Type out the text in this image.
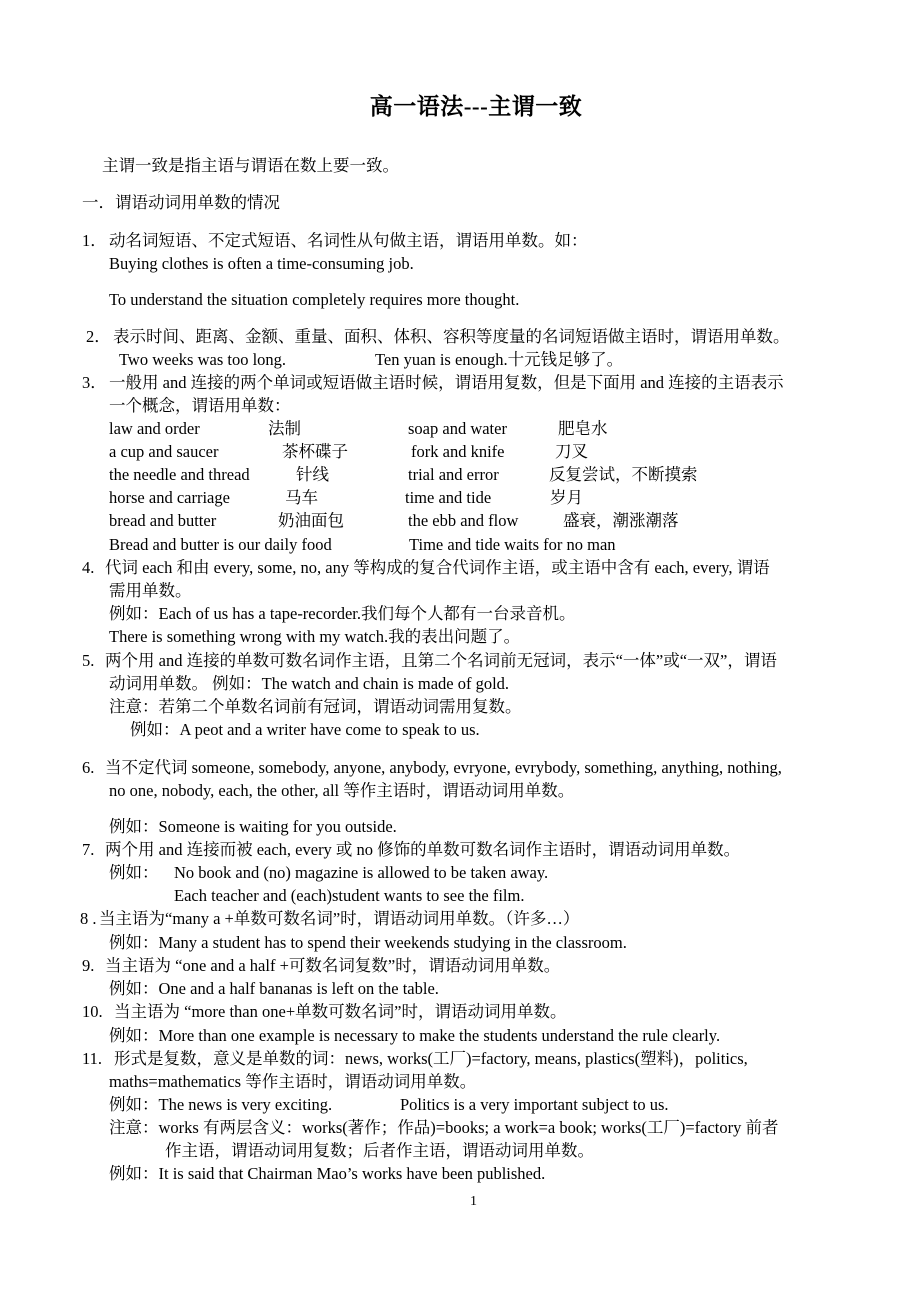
高一语法---主谓一致
主谓一致是指主语与谓语在数上要一致。
一．谓语动词用单数的情况
1． 动名词短语、不定式短语、名词性从句做主语，谓语用单数。如：
Buying clothes is often a time-consuming job.
To understand the situation completely requires more thought.
2． 表示时间、距离、金额、重量、面积、体积、容积等度量的名词短语做主语时，谓语用单数。
Two weeks was too long.	Ten yuan is enough.十元钱足够了。
3． 一般用 and 连接的两个单词或短语做主语时候，谓语用复数，但是下面用 and 连接的主语表示
一个概念，谓语用单数：
law and order	法制	soap and water	肥皂水
a cup and saucer	茶杯碟子	fork and knife	刀叉
the needle and thread	针线	trial and error	反复尝试，不断摸索
horse and carriage	马车	time and tide	岁月
bread and butter	奶油面包	the ebb and flow	盛衰，潮涨潮落
Bread and butter is our daily food	Time and tide waits for no man
4. 代词 each 和由 every, some, no, any 等构成的复合代词作主语，或主语中含有 each, every, 谓语
需用单数。
例如：Each of us has a tape-recorder.我们每个人都有一台录音机。
There is something wrong with my watch.我的表出问题了。
5. 两个用 and 连接的单数可数名词作主语，且第二个名词前无冠词，表示“一体”或“一双”，谓语
动词用单数。 例如：The watch and chain is made of gold.
注意：若第二个单数名词前有冠词，谓语动词需用复数。
例如：A peot and a writer have come to speak to us.
6. 当不定代词 someone, somebody, anyone, anybody, evryone, evrybody, something, anything, nothing,
no one, nobody, each, the other, all 等作主语时，谓语动词用单数。
例如：Someone is waiting for you outside.
7. 两个用 and 连接而被 each, every 或 no 修饰的单数可数名词作主语时，谓语动词用单数。
例如： No book and (no) magazine is allowed to be taken away.
Each teacher and (each)student wants to see the film.
8 . 当主语为“many a +单数可数名词”时，谓语动词用单数。（许多…）
例如：Many a student has to spend their weekends studying in the classroom.
9. 当主语为 “one and a half +可数名词复数”时，谓语动词用单数。
例如：One and a half bananas is left on the table.
10. 当主语为 “more than one+单数可数名词”时，谓语动词用单数。
例如：More than one example is necessary to make the students understand the rule clearly.
11. 形式是复数，意义是单数的词：news, works(工厂)=factory, means, plastics(塑料)，politics,
maths=mathematics 等作主语时，谓语动词用单数。
例如：The news is very exciting.	Politics is a very important subject to us.
注意：works 有两层含义：works(著作；作品)=books; a work=a book; works(工厂)=factory 前者
作主语，谓语动词用复数；后者作主语，谓语动词用单数。
例如：It is said that Chairman Mao’s works have been published.
1
